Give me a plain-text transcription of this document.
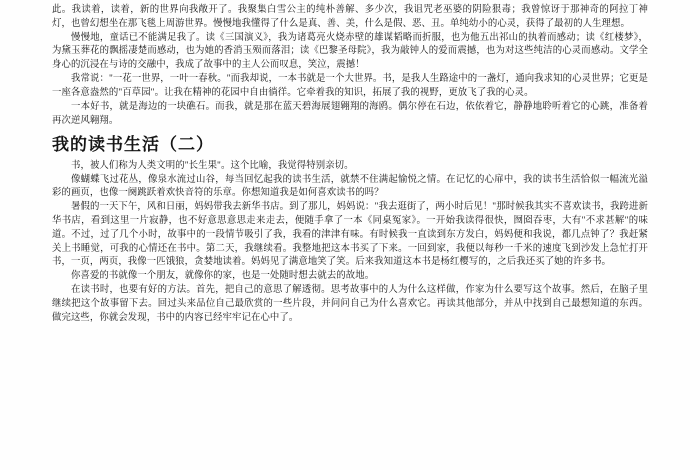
此。我读着，读着，新的世界向我敞开了。我聚集白雪公主的纯朴善解、多少次，我诅咒老巫婆的阴险狠毒；我曾惊讶于那神奇的阿拉丁神灯，也曾幻想坐在那飞毯上周游世界。慢慢地我懂得了什么是真、善、美，什么是假、恶、丑。单纯幼小的心灵，获得了最初的人生理想。

慢慢地，童话已不能满足我了。读《三国演义》，我为诸葛亮火烧赤壁的雄谋韬略而折服，也为他五出祁山的执着而感动；读《红楼梦》，为黛玉葬花的飘摇凄楚而感动，也为她的香消玉殒而落泪；读《巴黎圣母院》，我为敲钟人的爱而震撼，也为对这些纯洁的心灵而感动。文学全身心的沉浸在与诗的交融中，我成了故事中的主人公而叹息，笑泣，震撼！

我常说："一花一世界，一叶一春秋。"而我却说，一本书就是一个大世界。书，是我人生路途中的一盏灯，通向我求知的心灵世界；它更是一座各意盎然的"百草园"。让我在精神的花园中自由徜徉。它牵着我的知识，拓展了我的视野，更放飞了我的心灵。

一本好书，就是海边的一块礁石。而我，就是那在蓝天碧海展翅翱翔的海鸥。偶尔停在石边，依依着它，静静地聆听着它的心跳，准备着再次逆风翱翔。

我的读书生活（二）

书，被人们称为人类文明的"长生果"。这个比喻，我觉得特别亲切。

像蝴蝶飞过花丛，像泉水流过山谷，每当回忆起我的读书生活，就禁不住满起愉悦之情。在记忆的心扉中，我的读书生活恰似一幅流光溢彩的画页，也像一阕跳跃着欢快音符的乐章。你想知道我是如何喜欢读书的吗？

暑假的一天下午，风和日丽，妈妈带我去新华书店。到了那儿，妈妈说："我去逛街了，两小时后见！"那时候我其实不喜欢读书，我跨进新华书店，看到这里一片寂静，也不好意思意思走来走去，便随手拿了一本《同桌冤家》。一开始我读得很快，囫囵吞枣，大有"不求甚解"的味道。不过，过了几个小时，故事中的一段情节吸引了我，我看的津津有味。有时候我一直读到东方发白，妈妈便和我说，都几点钟了？我赶紧关上书睡觉，可我的心情还在书中。第二天，我继续看。我整地把这本书买了下来。一回到家，我便以每秒一千米的速度飞到沙发上急忙打开书，一页，两页，我像一匹饿狼，贪婪地读着。妈妈见了满意地笑了笑。后来我知道这本书是杨红樱写的，之后我还买了她的许多书。

你喜爱的书就像一个朋友，就像你的家，也是一处随时想去就去的故地。

在读书时，也要有好的方法。首先，把自己的意思了解透彻。思考故事中的人为什么这样做，作家为什么要写这个故事。然后，在脑子里继续把这个故事留下去。回过头来品位自己最欣赏的一些片段，并问问自己为什么喜欢它。再读其他部分，并从中找到自己最想知道的东西。做完这些，你就会发现，书中的内容已经牢牢记在心中了。
